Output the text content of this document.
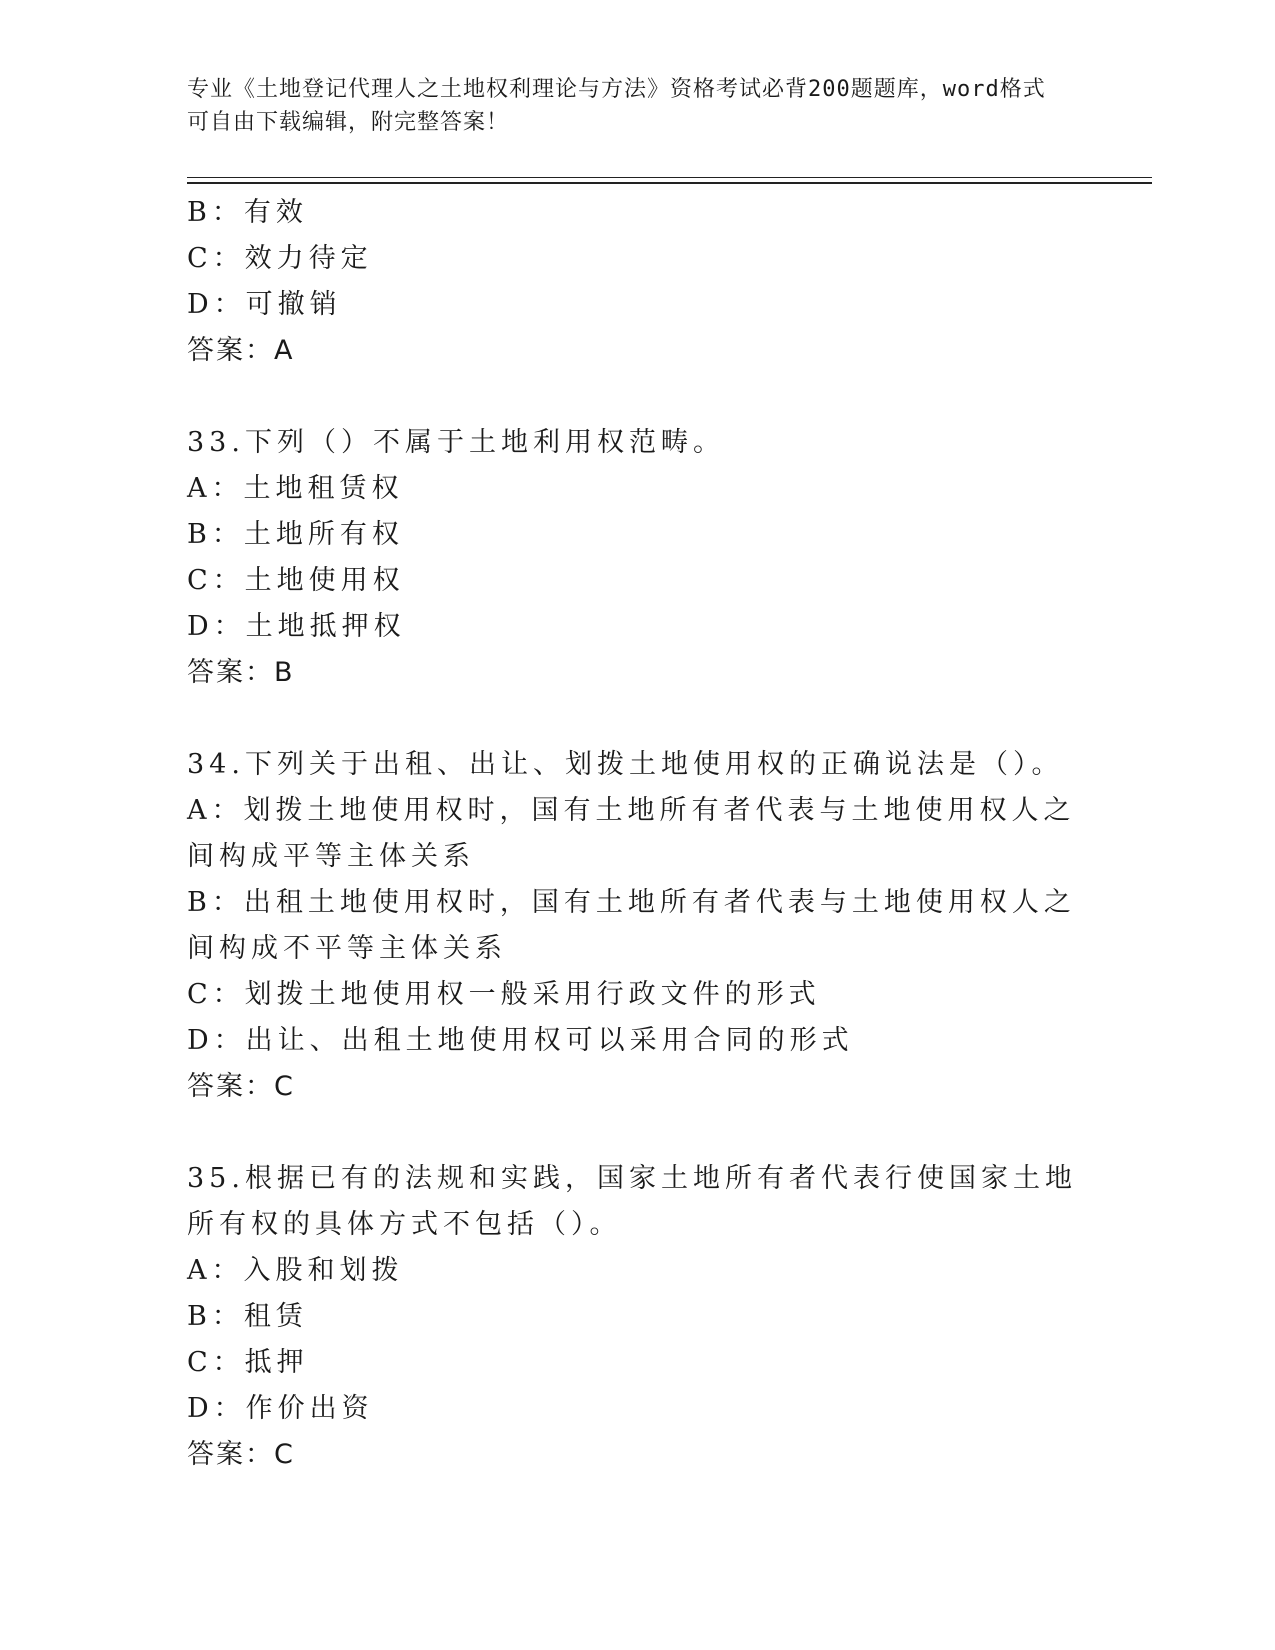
专业《土地登记代理人之土地权利理论与方法》资格考试必背200题题库，word格式可自由下载编辑，附完整答案！
B：有效
C：效力待定
D：可撤销
答案：A
33.下列（）不属于土地利用权范畴。
A：土地租赁权
B：土地所有权
C：土地使用权
D：土地抵押权
答案：B
34.下列关于出租、出让、划拨土地使用权的正确说法是（）。
A：划拨土地使用权时，国有土地所有者代表与土地使用权人之间构成平等主体关系
B：出租土地使用权时，国有土地所有者代表与土地使用权人之间构成不平等主体关系
C：划拨土地使用权一般采用行政文件的形式
D：出让、出租土地使用权可以采用合同的形式
答案：C
35.根据已有的法规和实践，国家土地所有者代表行使国家土地所有权的具体方式不包括（）。
A：入股和划拨
B：租赁
C：抵押
D：作价出资
答案：C
